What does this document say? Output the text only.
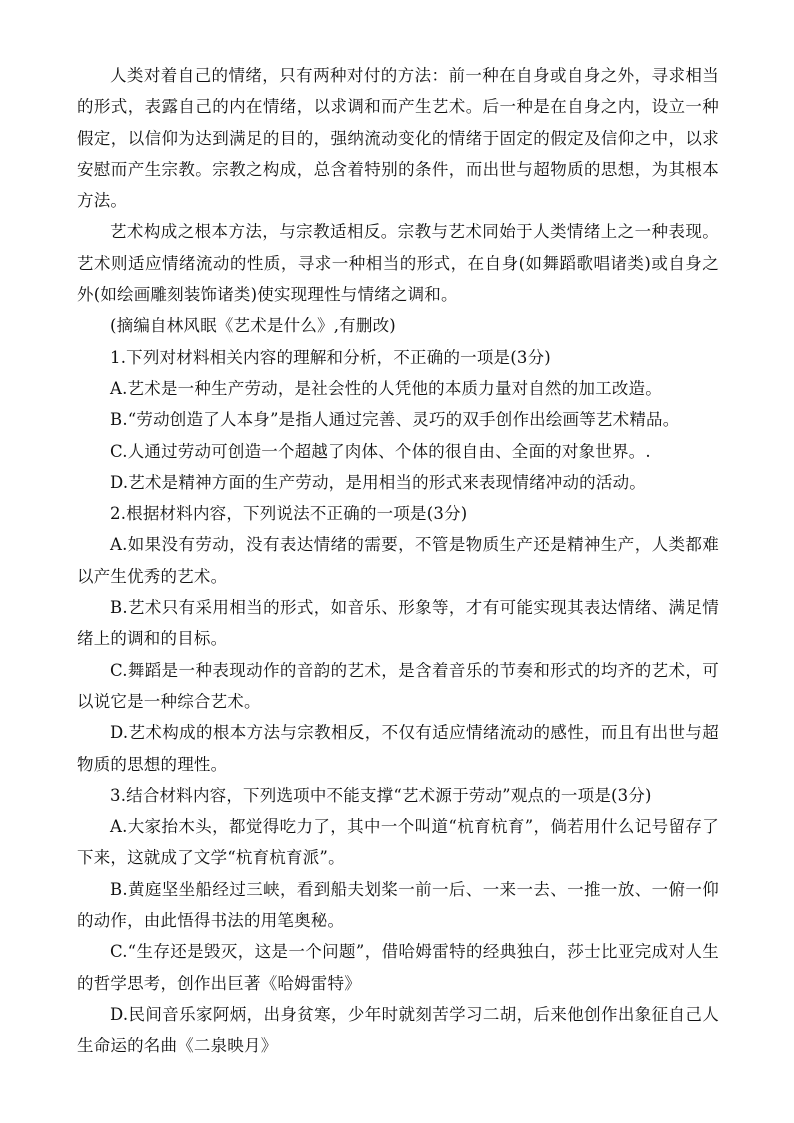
人类对着自己的情绪，只有两种对付的方法：前一种在自身或自身之外，寻求相当的形式，表露自己的内在情绪，以求调和而产生艺术。后一种是在自身之内，设立一种假定，以信仰为达到满足的目的，强纳流动变化的情绪于固定的假定及信仰之中，以求安慰而产生宗教。宗教之构成，总含着特别的条件，而出世与超物质的思想，为其根本方法。

艺术构成之根本方法，与宗教适相反。宗教与艺术同始于人类情绪上之一种表现。艺术则适应情绪流动的性质，寻求一种相当的形式，在自身(如舞蹈歌唱诸类)或自身之外(如绘画雕刻装饰诸类)使实现理性与情绪之调和。

(摘编自林风眠《艺术是什么》,有删改)

1.下列对材料相关内容的理解和分析，不正确的一项是(3分)

A.艺术是一种生产劳动，是社会性的人凭他的本质力量对自然的加工改造。

B.“劳动创造了人本身”是指人通过完善、灵巧的双手创作出绘画等艺术精品。

C.人通过劳动可创造一个超越了肉体、个体的很自由、全面的对象世界。.

D.艺术是精神方面的生产劳动，是用相当的形式来表现情绪冲动的活动。

2.根据材料内容，下列说法不正确的一项是(3分)

A.如果没有劳动，没有表达情绪的需要，不管是物质生产还是精神生产，人类都难以产生优秀的艺术。

B.艺术只有采用相当的形式，如音乐、形象等，才有可能实现其表达情绪、满足情绪上的调和的目标。

C.舞蹈是一种表现动作的音韵的艺术，是含着音乐的节奏和形式的均齐的艺术，可以说它是一种综合艺术。

D.艺术构成的根本方法与宗教相反，不仅有适应情绪流动的感性，而且有出世与超物质的思想的理性。

3.结合材料内容，下列选项中不能支撑“艺术源于劳动”观点的一项是(3分)

A.大家抬木头，都觉得吃力了，其中一个叫道“杭育杭育”，倘若用什么记号留存了下来，这就成了文学“杭育杭育派”。

B.黄庭坚坐船经过三峡，看到船夫划桨一前一后、一来一去、一推一放、一俯一仰的动作，由此悟得书法的用笔奥秘。

C.“生存还是毁灭，这是一个问题”，借哈姆雷特的经典独白，莎士比亚完成对人生的哲学思考，创作出巨著《哈姆雷特》

D.民间音乐家阿炳，出身贫寒，少年时就刻苦学习二胡，后来他创作出象征自己人生命运的名曲《二泉映月》
